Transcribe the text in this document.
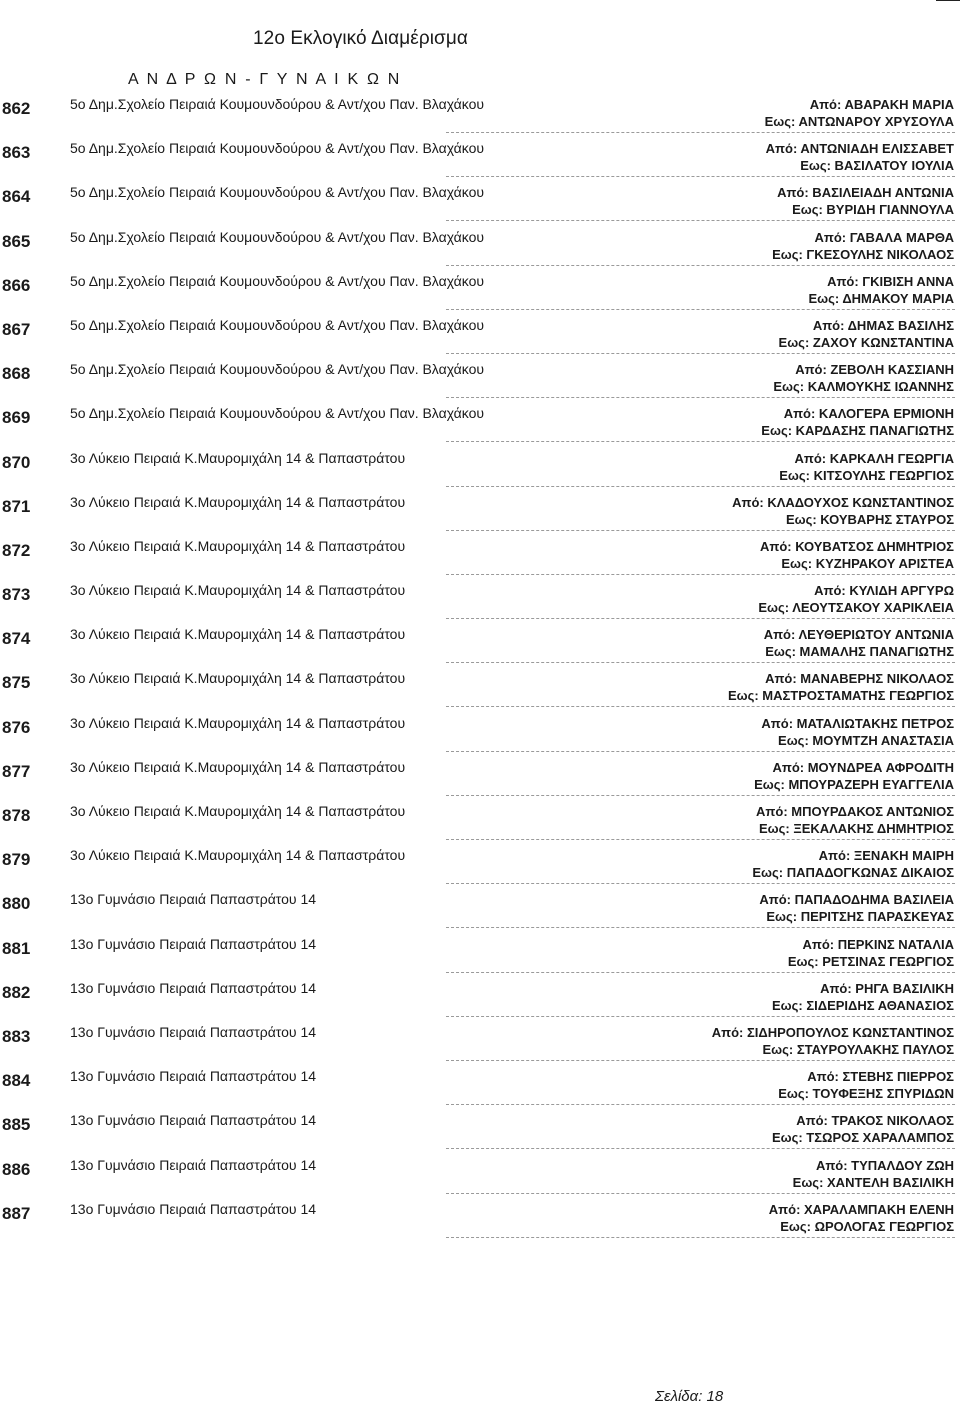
12ο Εκλογικό Διαμέρισμα
Α Ν Δ Ρ Ω Ν - Γ Υ Ν Α Ι Κ Ω Ν
862	5ο Δημ.Σχολείο Πειραιά Κουμουνδούρου & Αντ/χου Παν. Βλαχάκου	Από: ΑΒΑΡΑΚΗ ΜΑΡΙΑ
Εως: ΑΝΤΩΝΑΡΟΥ ΧΡΥΣΟΥΛΑ
863	5ο Δημ.Σχολείο Πειραιά Κουμουνδούρου & Αντ/χου Παν. Βλαχάκου	Από: ΑΝΤΩΝΙΑΔΗ ΕΛΙΣΣΑΒΕΤ
Εως: ΒΑΣΙΛΑΤΟΥ ΙΟΥΛΙΑ
864	5ο Δημ.Σχολείο Πειραιά Κουμουνδούρου & Αντ/χου Παν. Βλαχάκου	Από: ΒΑΣΙΛΕΙΑΔΗ ΑΝΤΩΝΙΑ
Εως: ΒΥΡΙΔΗ ΓΙΑΝΝΟΥΛΑ
865	5ο Δημ.Σχολείο Πειραιά Κουμουνδούρου & Αντ/χου Παν. Βλαχάκου	Από: ΓΑΒΑΛΑ ΜΑΡΘΑ
Εως: ΓΚΕΣΟΥΛΗΣ ΝΙΚΟΛΑΟΣ
866	5ο Δημ.Σχολείο Πειραιά Κουμουνδούρου & Αντ/χου Παν. Βλαχάκου	Από: ΓΚΙΒΙΣΗ ΑΝΝΑ
Εως: ΔΗΜΑΚΟΥ ΜΑΡΙΑ
867	5ο Δημ.Σχολείο Πειραιά Κουμουνδούρου & Αντ/χου Παν. Βλαχάκου	Από: ΔΗΜΑΣ ΒΑΣΙΛΗΣ
Εως: ΖΑΧΟΥ ΚΩΝΣΤΑΝΤΙΝΑ
868	5ο Δημ.Σχολείο Πειραιά Κουμουνδούρου & Αντ/χου Παν. Βλαχάκου	Από: ΖΕΒΟΛΗ ΚΑΣΣΙΑΝΗ
Εως: ΚΑΛΜΟΥΚΗΣ ΙΩΑΝΝΗΣ
869	5ο Δημ.Σχολείο Πειραιά Κουμουνδούρου & Αντ/χου Παν. Βλαχάκου	Από: ΚΑΛΟΓΕΡΑ ΕΡΜΙΟΝΗ
Εως: ΚΑΡΔΑΣΗΣ ΠΑΝΑΓΙΩΤΗΣ
870	3ο Λύκειο Πειραιά Κ.Μαυρομιχάλη 14 & Παπαστράτου	Από: ΚΑΡΚΑΛΗ ΓΕΩΡΓΙΑ
Εως: ΚΙΤΣΟΥΛΗΣ ΓΕΩΡΓΙΟΣ
871	3ο Λύκειο Πειραιά Κ.Μαυρομιχάλη 14 & Παπαστράτου	Από: ΚΛΑΔΟΥΧΟΣ ΚΩΝΣΤΑΝΤΙΝΟΣ
Εως: ΚΟΥΒΑΡΗΣ ΣΤΑΥΡΟΣ
872	3ο Λύκειο Πειραιά Κ.Μαυρομιχάλη 14 & Παπαστράτου	Από: ΚΟΥΒΑΤΣΟΣ ΔΗΜΗΤΡΙΟΣ
Εως: ΚΥΖΗΡΑΚΟΥ ΑΡΙΣΤΕΑ
873	3ο Λύκειο Πειραιά Κ.Μαυρομιχάλη 14 & Παπαστράτου	Από: ΚΥΛΙΔΗ ΑΡΓΥΡΩ
Εως: ΛΕΟΥΤΣΑΚΟΥ ΧΑΡΙΚΛΕΙΑ
874	3ο Λύκειο Πειραιά Κ.Μαυρομιχάλη 14 & Παπαστράτου	Από: ΛΕΥΘΕΡΙΩΤΟΥ ΑΝΤΩΝΙΑ
Εως: ΜΑΜΑΛΗΣ ΠΑΝΑΓΙΩΤΗΣ
875	3ο Λύκειο Πειραιά Κ.Μαυρομιχάλη 14 & Παπαστράτου	Από: ΜΑΝΑΒΕΡΗΣ ΝΙΚΟΛΑΟΣ
Εως: ΜΑΣΤΡΟΣΤΑΜΑΤΗΣ ΓΕΩΡΓΙΟΣ
876	3ο Λύκειο Πειραιά Κ.Μαυρομιχάλη 14 & Παπαστράτου	Από: ΜΑΤΑΛΙΩΤΑΚΗΣ ΠΕΤΡΟΣ
Εως: ΜΟΥΜΤΖΗ ΑΝΑΣΤΑΣΙΑ
877	3ο Λύκειο Πειραιά Κ.Μαυρομιχάλη 14 & Παπαστράτου	Από: ΜΟΥΝΔΡΕΑ ΑΦΡΟΔΙΤΗ
Εως: ΜΠΟΥΡΑΖΕΡΗ ΕΥΑΓΓΕΛΙΑ
878	3ο Λύκειο Πειραιά Κ.Μαυρομιχάλη 14 & Παπαστράτου	Από: ΜΠΟΥΡΔΑΚΟΣ ΑΝΤΩΝΙΟΣ
Εως: ΞΕΚΑΛΑΚΗΣ ΔΗΜΗΤΡΙΟΣ
879	3ο Λύκειο Πειραιά Κ.Μαυρομιχάλη 14 & Παπαστράτου	Από: ΞΕΝΑΚΗ ΜΑΙΡΗ
Εως: ΠΑΠΑΔΟΓΚΩΝΑΣ ΔΙΚΑΙΟΣ
880	13ο Γυμνάσιο Πειραιά Παπαστράτου 14	Από: ΠΑΠΑΔΟΔΗΜΑ ΒΑΣΙΛΕΙΑ
Εως: ΠΕΡΙΤΣΗΣ ΠΑΡΑΣΚΕΥΑΣ
881	13ο Γυμνάσιο Πειραιά Παπαστράτου 14	Από: ΠΕΡΚΙΝΣ ΝΑΤΑΛΙΑ
Εως: ΡΕΤΣΙΝΑΣ ΓΕΩΡΓΙΟΣ
882	13ο Γυμνάσιο Πειραιά Παπαστράτου 14	Από: ΡΗΓΑ ΒΑΣΙΛΙΚΗ
Εως: ΣΙΔΕΡΙΔΗΣ ΑΘΑΝΑΣΙΟΣ
883	13ο Γυμνάσιο Πειραιά Παπαστράτου 14	Από: ΣΙΔΗΡΟΠΟΥΛΟΣ ΚΩΝΣΤΑΝΤΙΝΟΣ
Εως: ΣΤΑΥΡΟΥΛΑΚΗΣ ΠΑΥΛΟΣ
884	13ο Γυμνάσιο Πειραιά Παπαστράτου 14	Από: ΣΤΕΒΗΣ ΠΙΕΡΡΟΣ
Εως: ΤΟΥΦΕΞΗΣ ΣΠΥΡΙΔΩΝ
885	13ο Γυμνάσιο Πειραιά Παπαστράτου 14	Από: ΤΡΑΚΟΣ ΝΙΚΟΛΑΟΣ
Εως: ΤΣΩΡΟΣ ΧΑΡΑΛΑΜΠΟΣ
886	13ο Γυμνάσιο Πειραιά Παπαστράτου 14	Από: ΤΥΠΑΛΔΟΥ ΖΩΗ
Εως: ΧΑΝΤΕΛΗ ΒΑΣΙΛΙΚΗ
887	13ο Γυμνάσιο Πειραιά Παπαστράτου 14	Από: ΧΑΡΑΛΑΜΠΑΚΗ ΕΛΕΝΗ
Εως: ΩΡΟΛΟΓΑΣ ΓΕΩΡΓΙΟΣ
Σελίδα: 18
